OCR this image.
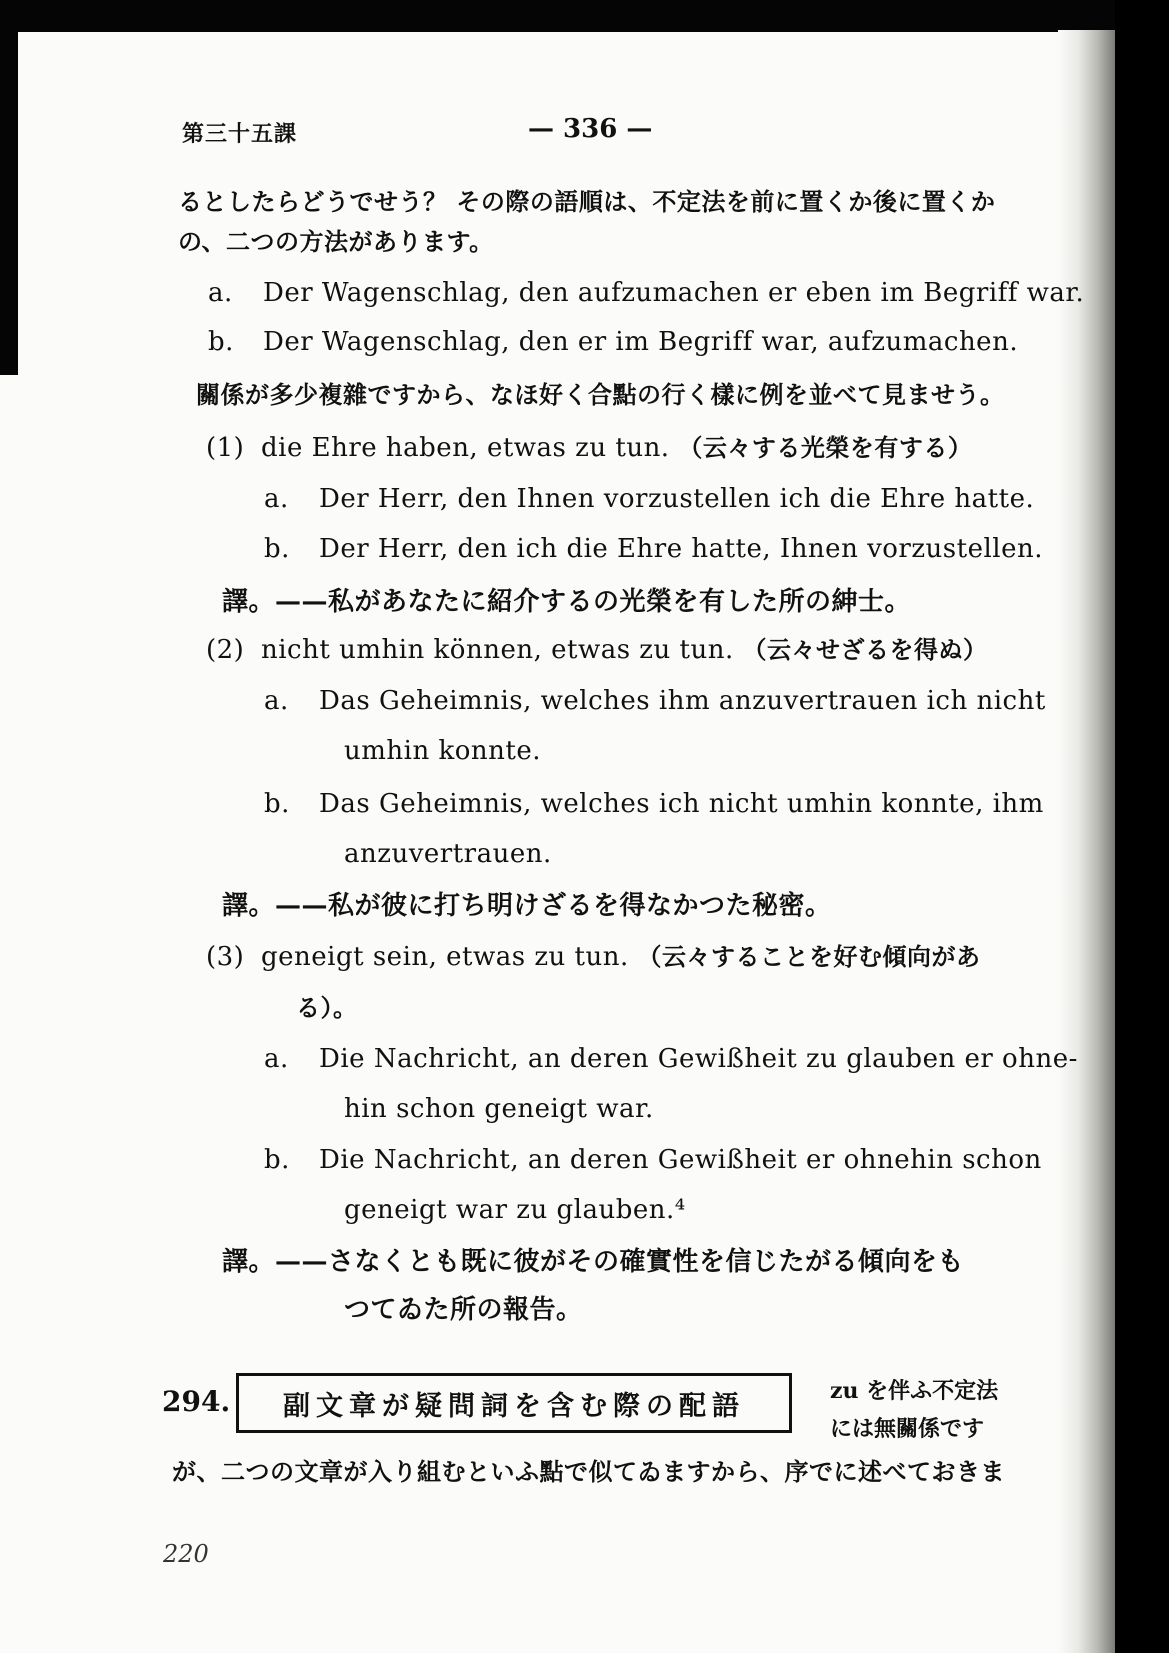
第三十五課	— 336 —
るとしたらどうでせう？ その際の語順は、不定法を前に置くか後に置くか
の、二つの方法があります。
a. Der Wagenschlag, den aufzumachen er eben im Begriff war.
b. Der Wagenschlag, den er im Begriff war, aufzumachen.
關係が多少複雜ですから、なほ好く合點の行く樣に例を並べて見ませう。
(1) die Ehre haben, etwas zu tun. （云々する光榮を有する）
a. Der Herr, den Ihnen vorzustellen ich die Ehre hatte.
b. Der Herr, den ich die Ehre hatte, Ihnen vorzustellen.
譯。——私があなたに紹介するの光榮を有した所の紳士。
(2) nicht umhin können, etwas zu tun. （云々せざるを得ぬ）
a. Das Geheimnis, welches ihm anzuvertrauen ich nicht
umhin konnte.
b. Das Geheimnis, welches ich nicht umhin konnte, ihm
anzuvertrauen.
譯。——私が彼に打ち明けざるを得なかつた秘密。
(3) geneigt sein, etwas zu tun. （云々することを好む傾向があ
る）。
a. Die Nachricht, an deren Gewißheit zu glauben er ohne-
hin schon geneigt war.
b. Die Nachricht, an deren Gewißheit er ohnehin schon
geneigt war zu glauben.⁴
譯。——さなくとも既に彼がその確實性を信じたがる傾向をも
つてゐた所の報告。
294. 副文章が疑問詞を含む際の配語	zu を伴ふ不定法
には無關係です
が、二つの文章が入り組むといふ點で似てゐますから、序でに述べておきま
220
